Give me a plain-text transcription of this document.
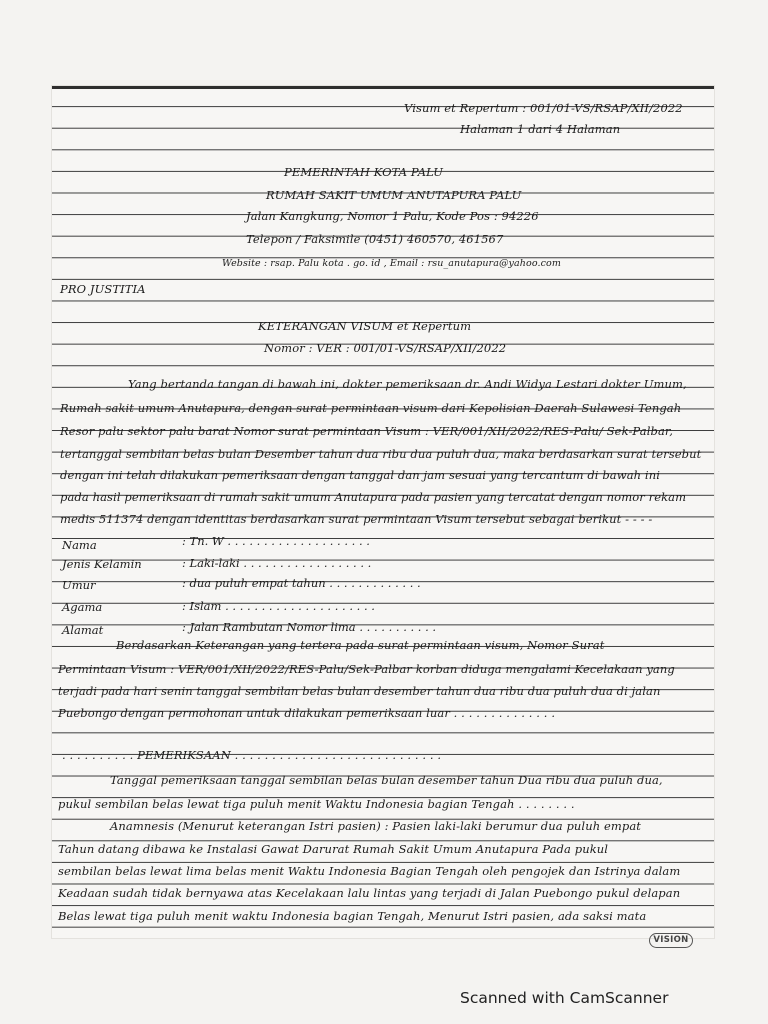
Visum et Repertum : 001/01-VS/RSAP/XII/2022
Halaman 1 dari 4 Halaman
PEMERINTAH KOTA PALU
RUMAH SAKIT UMUM ANUTAPURA PALU
Jalan Kangkung, Nomor 1 Palu, Kode Pos : 94226
Telepon / Faksimile (0451) 460570, 461567
Website : rsap. Palu kota . go. id , Email : rsu_anutapura@yahoo.com
PRO JUSTITIA
KETERANGAN VISUM et Repertum
Nomor : VER : 001/01-VS/RSAP/XII/2022
Yang bertanda tangan di bawah ini, dokter pemeriksaan dr. Andi Widya Lestari dokter Umum,
Rumah sakit umum Anutapura, dengan surat permintaan visum dari Kepolisian Daerah Sulawesi Tengah
Resor palu sektor palu barat Nomor surat permintaan Visum : VER/001/XII/2022/RES-Palu/ Sek-Palbar,
tertanggal sembilan belas bulan Desember tahun dua ribu dua puluh dua, maka berdasarkan surat tersebut
dengan ini telah dilakukan pemeriksaan dengan tanggal dan jam sesuai yang tercantum di bawah ini
pada hasil pemeriksaan di rumah sakit umum Anutapura pada pasien yang tercatat dengan nomor rekam
medis 511374 dengan identitas berdasarkan surat permintaan Visum tersebut sebagai berikut - - - -
Nama	: Tn. W . . . . . . . . . . . . . . . . . . . .
Jenis Kelamin	: Laki-laki . . . . . . . . . . . . . . . . . .
Umur	: dua puluh empat tahun . . . . . . . . . . . . .
Agama	: Islam . . . . . . . . . . . . . . . . . . . . .
Alamat	: Jalan Rambutan Nomor lima . . . . . . . . . . .
Berdasarkan Keterangan yang tertera pada surat permintaan visum, Nomor Surat
Permintaan Visum : VER/001/XII/2022/RES-Palu/Sek-Palbar korban diduga mengalami Kecelakaan yang
terjadi pada hari senin tanggal sembilan belas bulan desember tahun dua ribu dua puluh dua di jalan
Puebongo dengan permohonan untuk dilakukan pemeriksaan luar . . . . . . . . . . . . . .
. . . . . . . . . . PEMERIKSAAN . . . . . . . . . . . . . . . . . . . . . . . . . . . .
Tanggal pemeriksaan tanggal sembilan belas bulan desember tahun Dua ribu dua puluh dua,
pukul sembilan belas lewat tiga puluh menit Waktu Indonesia bagian Tengah . . . . . . . .
Anamnesis (Menurut keterangan Istri pasien) : Pasien laki-laki berumur dua puluh empat
Tahun datang dibawa ke Instalasi Gawat Darurat Rumah Sakit Umum Anutapura Pada pukul
sembilan belas lewat lima belas menit Waktu Indonesia Bagian Tengah oleh pengojek dan Istrinya dalam
Keadaan sudah tidak bernyawa atas Kecelakaan lalu lintas yang terjadi di Jalan Puebongo pukul delapan
Belas lewat tiga puluh menit waktu Indonesia bagian Tengah, Menurut Istri pasien, ada saksi mata
VISION
Scanned with CamScanner
